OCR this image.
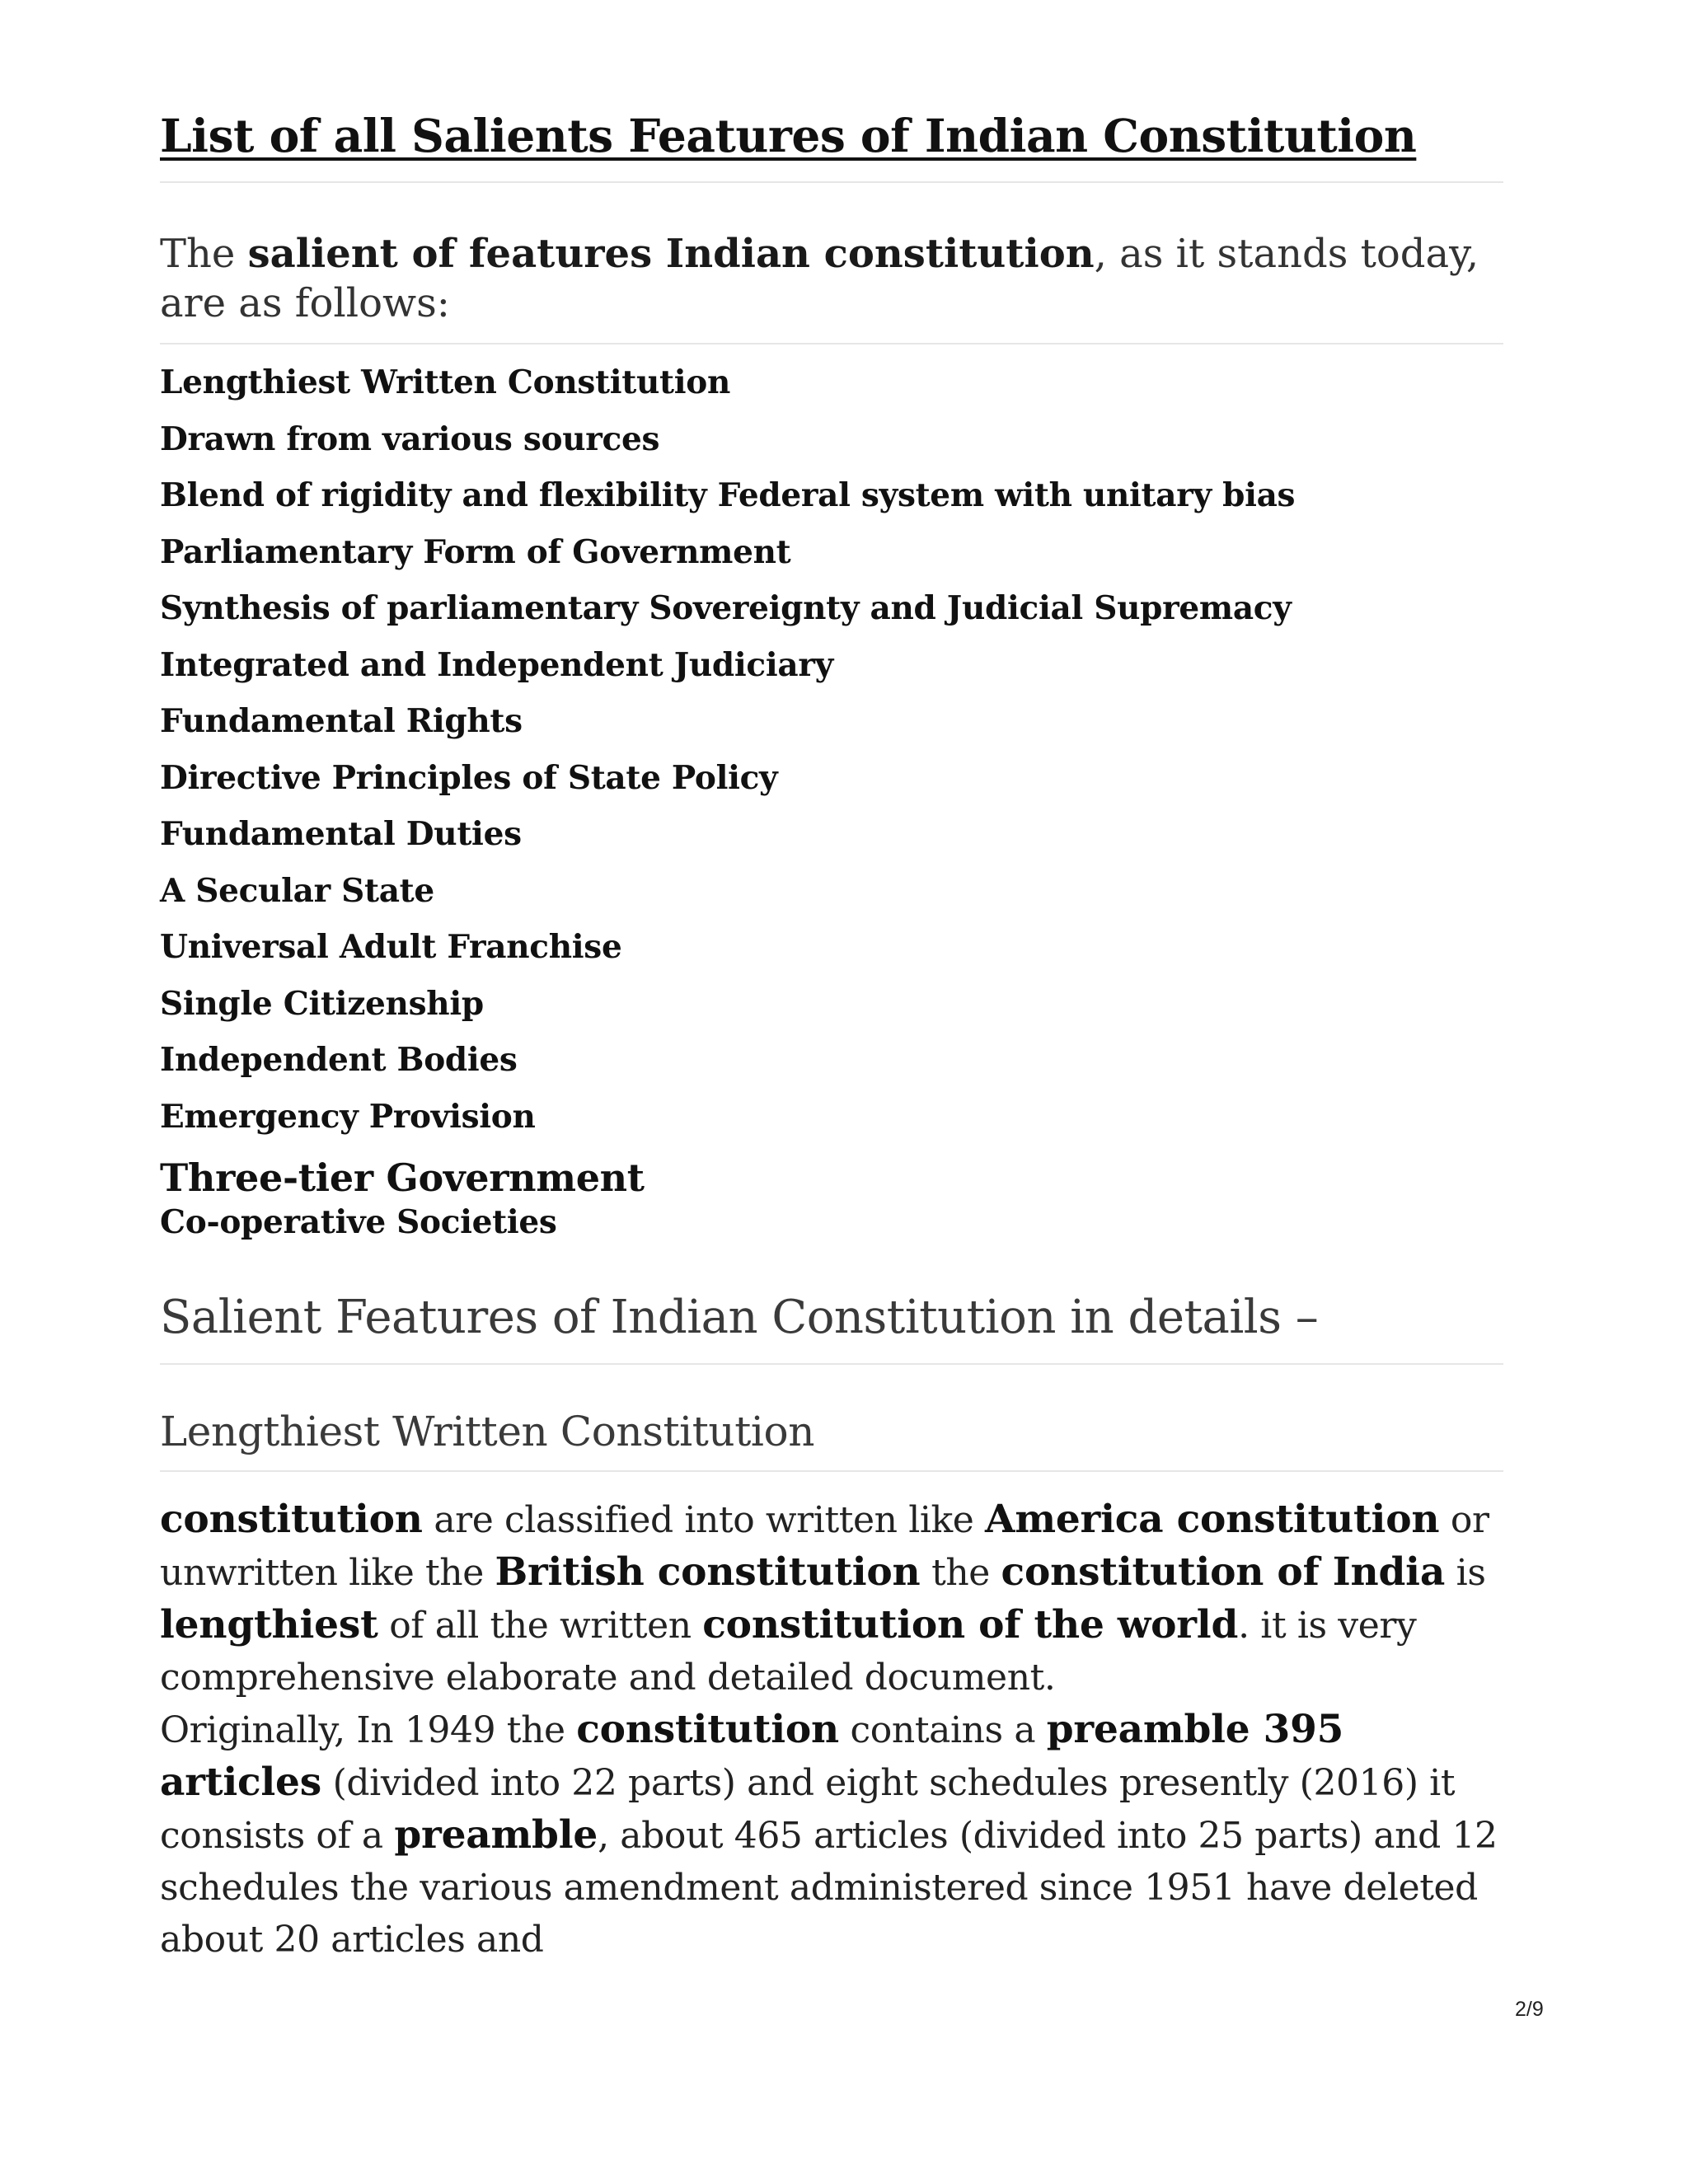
List of all Salients Features of Indian Constitution

The salient of features Indian constitution, as it stands today, are as follows:

Lengthiest Written Constitution
Drawn from various sources
Blend of rigidity and flexibility Federal system with unitary bias
Parliamentary Form of Government
Synthesis of parliamentary Sovereignty and Judicial Supremacy
Integrated and Independent Judiciary
Fundamental Rights
Directive Principles of State Policy
Fundamental Duties
A Secular State
Universal Adult Franchise
Single Citizenship
Independent Bodies
Emergency Provision
Three-tier Government
Co-operative Societies
Salient Features of Indian Constitution in details –
Lengthiest Written Constitution

constitution are classified into written like America constitution or unwritten like the British constitution the constitution of India is lengthiest of all the written constitution of the world. it is very comprehensive elaborate and detailed document.
Originally, In 1949 the constitution contains a preamble 395 articles (divided into 22 parts) and eight schedules presently (2016) it consists of a preamble, about 465 articles (divided into 25 parts) and 12 schedules the various amendment administered since 1951 have deleted about 20 articles and

2/9
